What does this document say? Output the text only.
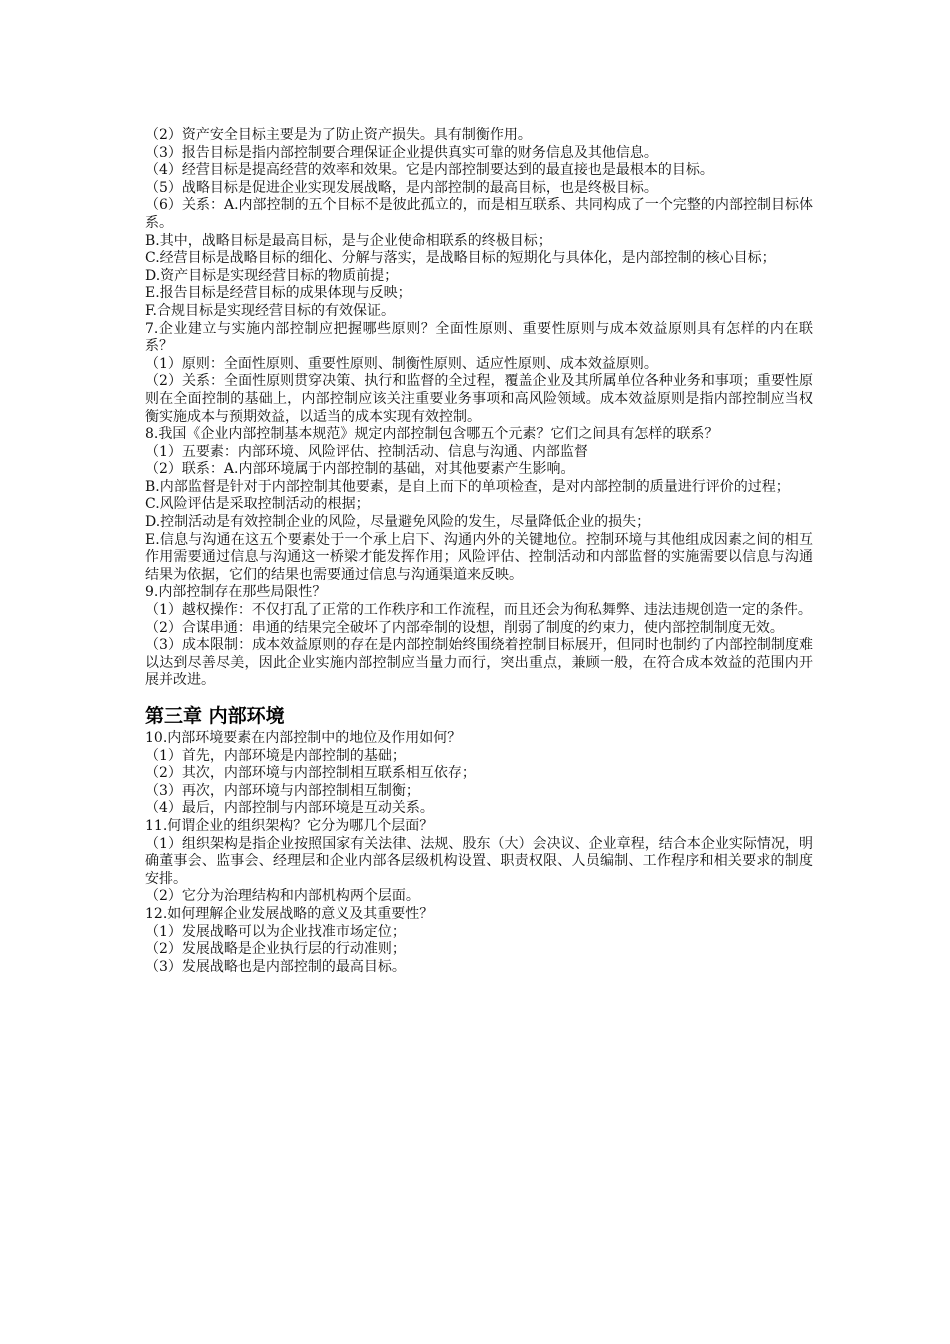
（2）资产安全目标主要是为了防止资产损失。具有制衡作用。

（3）报告目标是指内部控制要合理保证企业提供真实可靠的财务信息及其他信息。

（4）经营目标是提高经营的效率和效果。它是内部控制要达到的最直接也是最根本的目标。

（5）战略目标是促进企业实现发展战略，是内部控制的最高目标，也是终极目标。

（6）关系：A.内部控制的五个目标不是彼此孤立的，而是相互联系、共同构成了一个完整的内部控制目标体系。

B.其中，战略目标是最高目标，是与企业使命相联系的终极目标；

C.经营目标是战略目标的细化、分解与落实，是战略目标的短期化与具体化，是内部控制的核心目标；

D.资产目标是实现经营目标的物质前提；

E.报告目标是经营目标的成果体现与反映；

F.合规目标是实现经营目标的有效保证。

7.企业建立与实施内部控制应把握哪些原则？全面性原则、重要性原则与成本效益原则具有怎样的内在联系？

（1）原则：全面性原则、重要性原则、制衡性原则、适应性原则、成本效益原则。

（2）关系：全面性原则贯穿决策、执行和监督的全过程，覆盖企业及其所属单位各种业务和事项；重要性原则在全面控制的基础上，内部控制应该关注重要业务事项和高风险领域。成本效益原则是指内部控制应当权衡实施成本与预期效益，以适当的成本实现有效控制。

8.我国《企业内部控制基本规范》规定内部控制包含哪五个元素？它们之间具有怎样的联系？

（1）五要素：内部环境、风险评估、控制活动、信息与沟通、内部监督

（2）联系：A.内部环境属于内部控制的基础，对其他要素产生影响。

B.内部监督是针对于内部控制其他要素，是自上而下的单项检查，是对内部控制的质量进行评价的过程；

C.风险评估是采取控制活动的根据；

D.控制活动是有效控制企业的风险，尽量避免风险的发生，尽量降低企业的损失；

E.信息与沟通在这五个要素处于一个承上启下、沟通内外的关键地位。控制环境与其他组成因素之间的相互作用需要通过信息与沟通这一桥梁才能发挥作用；风险评估、控制活动和内部监督的实施需要以信息与沟通结果为依据，它们的结果也需要通过信息与沟通渠道来反映。

9.内部控制存在那些局限性？

（1）越权操作：不仅打乱了正常的工作秩序和工作流程，而且还会为徇私舞弊、违法违规创造一定的条件。

（2）合谋串通：串通的结果完全破坏了内部牵制的设想，削弱了制度的约束力，使内部控制制度无效。

（3）成本限制：成本效益原则的存在是内部控制始终围绕着控制目标展开，但同时也制约了内部控制制度难以达到尽善尽美，因此企业实施内部控制应当量力而行，突出重点，兼顾一般，在符合成本效益的范围内开展并改进。

第三章 内部环境

10.内部环境要素在内部控制中的地位及作用如何？

（1）首先，内部环境是内部控制的基础；

（2）其次，内部环境与内部控制相互联系相互依存；

（3）再次，内部环境与内部控制相互制衡；

（4）最后，内部控制与内部环境是互动关系。

11.何谓企业的组织架构？它分为哪几个层面？

（1）组织架构是指企业按照国家有关法律、法规、股东（大）会决议、企业章程，结合本企业实际情况，明确董事会、监事会、经理层和企业内部各层级机构设置、职责权限、人员编制、工作程序和相关要求的制度安排。

（2）它分为治理结构和内部机构两个层面。

12.如何理解企业发展战略的意义及其重要性？

（1）发展战略可以为企业找准市场定位；

（2）发展战略是企业执行层的行动准则；

（3）发展战略也是内部控制的最高目标。
